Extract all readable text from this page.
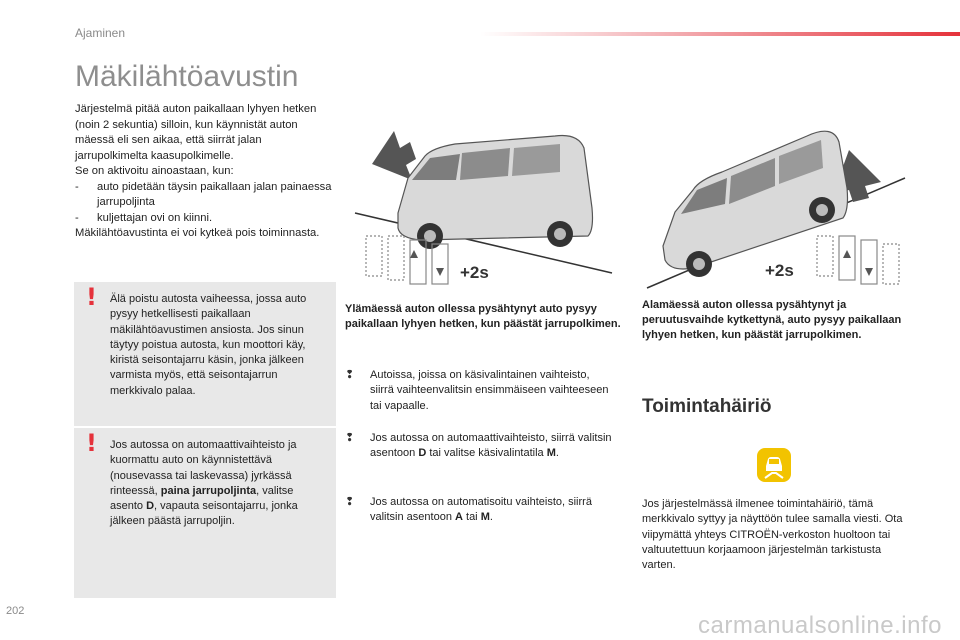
Ajaminen
Mäkilähtöavustin

Järjestelmä pitää auton paikallaan lyhyen hetken (noin 2 sekuntia) silloin, kun käynnistät auton mäessä eli sen aikaa, että siirrät jalan jarrupolkimelta kaasupolkimelle.

Se on aktivoitu ainoastaan, kun:

-	auto pidetään täysin paikallaan jalan painaessa jarrupoljinta
-	kuljettajan ovi on kiinni.

Mäkilähtöavustinta ei voi kytkeä pois toiminnasta.

! Älä poistu autosta vaiheessa, jossa auto pysyy hetkellisesti paikallaan mäkilähtöavustimen ansiosta. Jos sinun täytyy poistua autosta, kun moottori käy, kiristä seisontajarru käsin, jonka jälkeen varmista myös, että seisontajarrun merkkivalo palaa.

! Jos autossa on automaattivaihteisto ja kuormattu auto on käynnistettävä (nousevassa tai laskevassa) jyrkässä rinteessä, paina jarrupoljinta, valitse asento D, vapauta seisontajarru, jonka jälkeen päästä jarrupoljin.

+2s	+2s
Ylämäessä auton ollessa pysähtynyt auto pysyy paikallaan lyhyen hetken, kun päästät jarrupolkimen.
Alamäessä auton ollessa pysähtynyt ja peruutusvaihde kytkettynä, auto pysyy paikallaan lyhyen hetken, kun päästät jarrupolkimen.
❢	Autoissa, joissa on käsivalintainen vaihteisto, siirrä vaihteenvalitsin ensimmäiseen vaihteeseen tai vapaalle.
❢	Jos autossa on automaattivaihteisto, siirrä valitsin asentoon D tai valitse käsivalintatila M.
❢	Jos autossa on automatisoitu vaihteisto, siirrä valitsin asentoon A tai M.
Toimintahäiriö
Jos järjestelmässä ilmenee toimintahäiriö, tämä merkkivalo syttyy ja näyttöön tulee samalla viesti. Ota viipymättä yhteys CITROËN-verkoston huoltoon tai valtuutettuun korjaamoon järjestelmän tarkistusta varten.
202
carmanualsonline.info
